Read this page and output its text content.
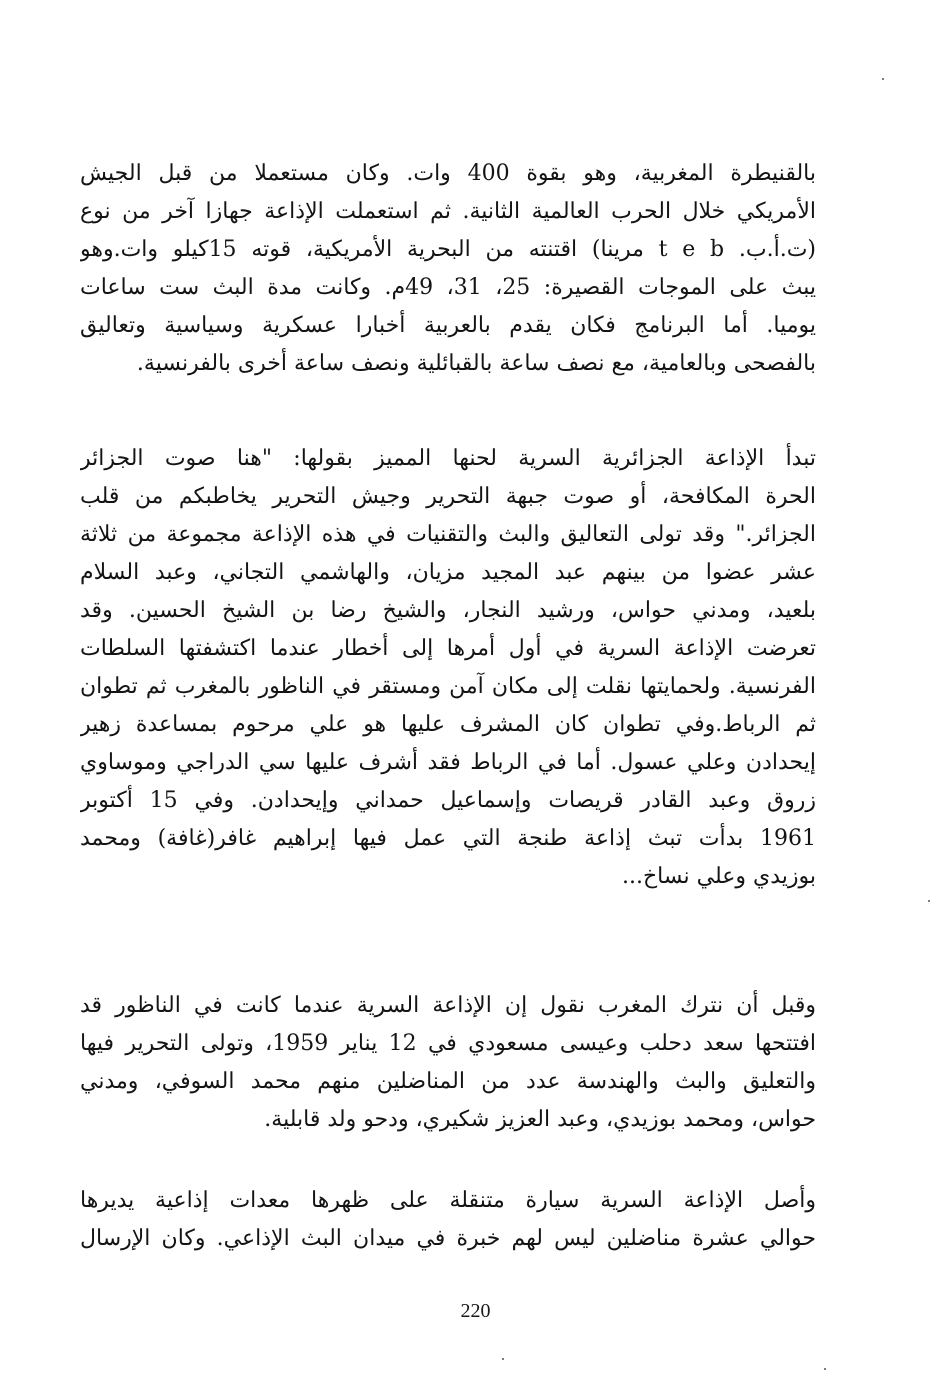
بالقنيطرة المغربية، وهو بقوة 400 وات. وكان مستعملا من قبل الجيش
الأمريكي خلال الحرب العالمية الثانية. ثم استعملت الإذاعة جهازا آخر من نوع
(ت.أ.ب. t e b مرينا) اقتنته من البحرية الأمريكية، قوته 15كيلو وات.وهو
يبث على الموجات القصيرة: 25، 31، 49م. وكانت مدة البث ست ساعات
يوميا. أما البرنامج فكان يقدم بالعربية أخبارا عسكرية وسياسية وتعاليق
بالفصحى وبالعامية، مع نصف ساعة بالقبائلية ونصف ساعة أخرى بالفرنسية.
تبدأ الإذاعة الجزائرية السرية لحنها المميز بقولها: "هنا صوت الجزائر
الحرة المكافحة، أو صوت جبهة التحرير وجيش التحرير يخاطبكم من قلب
الجزائر." وقد تولى التعاليق والبث والتقنيات في هذه الإذاعة مجموعة من ثلاثة
عشر عضوا من بينهم عبد المجيد مزيان، والهاشمي التجاني، وعبد السلام
بلعيد، ومدني حواس، ورشيد النجار، والشيخ رضا بن الشيخ الحسين. وقد
تعرضت الإذاعة السرية في أول أمرها إلى أخطار عندما اكتشفتها السلطات
الفرنسية. ولحمايتها نقلت إلى مكان آمن ومستقر في الناظور بالمغرب ثم تطوان
ثم الرباط.وفي تطوان كان المشرف عليها هو علي مرحوم بمساعدة زهير
إيحدادن وعلي عسول. أما في الرباط فقد أشرف عليها سي الدراجي وموساوي
زروق وعبد القادر قريصات وإسماعيل حمداني وإيحدادن. وفي 15 أكتوبر
1961 بدأت تبث إذاعة طنجة التي عمل فيها إبراهيم غافر(غافة) ومحمد
بوزيدي وعلي نساخ...
وقبل أن نترك المغرب نقول إن الإذاعة السرية عندما كانت في الناظور قد
افتتحها سعد دحلب وعيسى مسعودي في 12 يناير 1959، وتولى التحرير فيها
والتعليق والبث والهندسة عدد من المناضلين منهم محمد السوفي، ومدني
حواس، ومحمد بوزيدي، وعبد العزيز شكيري، ودحو ولد قابلية.
وأصل الإذاعة السرية سيارة متنقلة على ظهرها معدات إذاعية يديرها
حوالي عشرة مناضلين ليس لهم خبرة في ميدان البث الإذاعي. وكان الإرسال
220
